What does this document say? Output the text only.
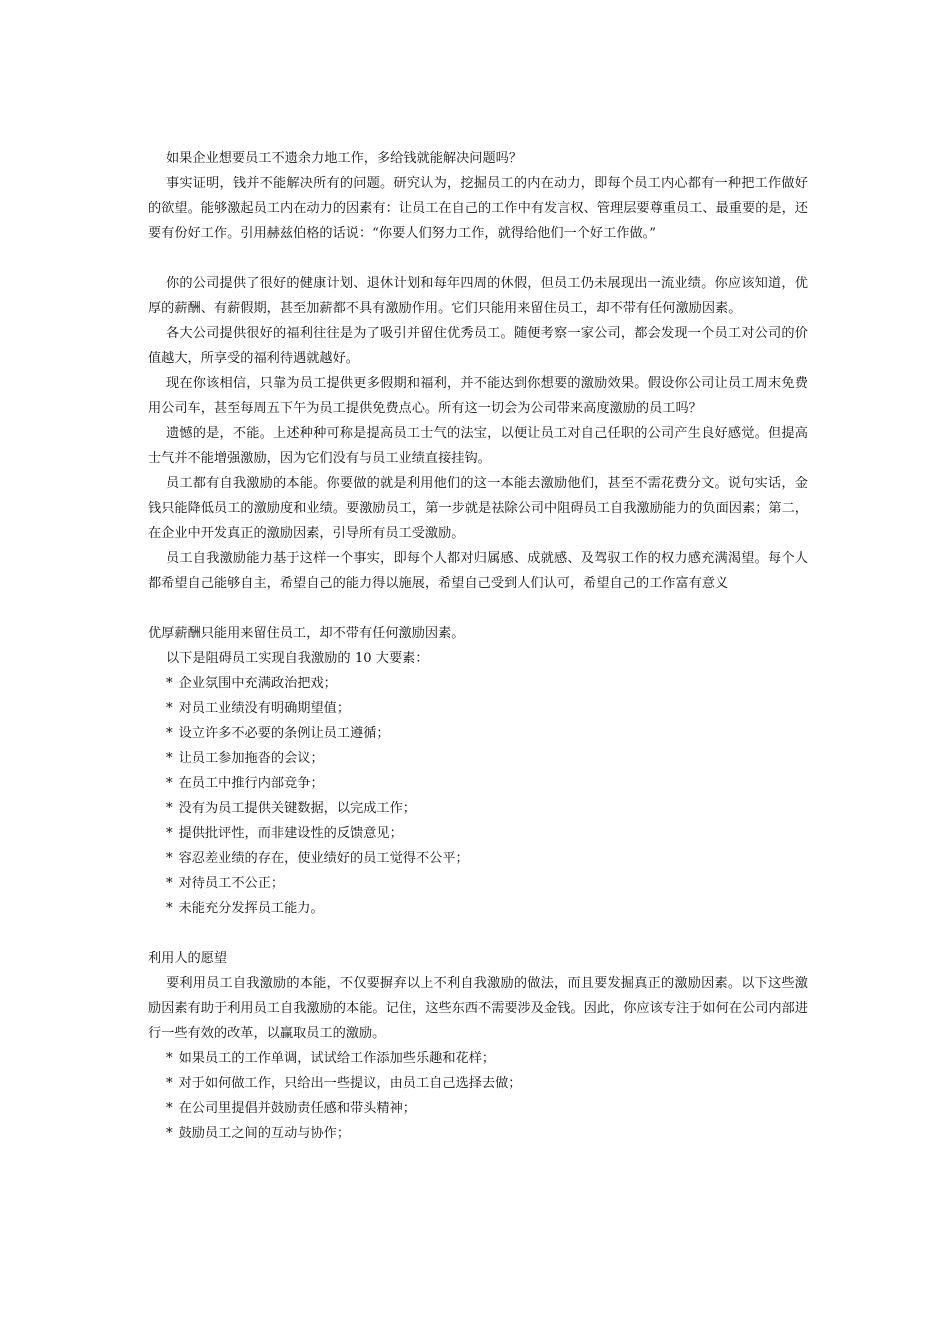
如果企业想要员工不遗余力地工作，多给钱就能解决问题吗？

事实证明，钱并不能解决所有的问题。研究认为，挖掘员工的内在动力，即每个员工内心都有一种把工作做好的欲望。能够激起员工内在动力的因素有：让员工在自己的工作中有发言权、管理层要尊重员工、最重要的是，还要有份好工作。引用赫兹伯格的话说：“你要人们努力工作，就得给他们一个好工作做。”

你的公司提供了很好的健康计划、退休计划和每年四周的休假，但员工仍未展现出一流业绩。你应该知道，优厚的薪酬、有薪假期，甚至加薪都不具有激励作用。它们只能用来留住员工，却不带有任何激励因素。

各大公司提供很好的福利往往是为了吸引并留住优秀员工。随便考察一家公司，都会发现一个员工对公司的价值越大，所享受的福利待遇就越好。

现在你该相信，只靠为员工提供更多假期和福利，并不能达到你想要的激励效果。假设你公司让员工周末免费用公司车，甚至每周五下午为员工提供免费点心。所有这一切会为公司带来高度激励的员工吗？

遗憾的是，不能。上述种种可称是提高员工士气的法宝，以便让员工对自己任职的公司产生良好感觉。但提高士气并不能增强激励，因为它们没有与员工业绩直接挂钩。

员工都有自我激励的本能。你要做的就是利用他们的这一本能去激励他们，甚至不需花费分文。说句实话，金钱只能降低员工的激励度和业绩。要激励员工，第一步就是祛除公司中阻碍员工自我激励能力的负面因素；第二，在企业中开发真正的激励因素，引导所有员工受激励。

员工自我激励能力基于这样一个事实，即每个人都对归属感、成就感、及驾驭工作的权力感充满渴望。每个人都希望自己能够自主，希望自己的能力得以施展，希望自己受到人们认可，希望自己的工作富有意义

优厚薪酬只能用来留住员工，却不带有任何激励因素。

以下是阻碍员工实现自我激励的 10 大要素：

* 企业氛围中充满政治把戏；

* 对员工业绩没有明确期望值；

* 设立许多不必要的条例让员工遵循；

* 让员工参加拖沓的会议；

* 在员工中推行内部竞争；

* 没有为员工提供关键数据，以完成工作；

* 提供批评性，而非建设性的反馈意见；

* 容忍差业绩的存在，使业绩好的员工觉得不公平；

* 对待员工不公正；

* 未能充分发挥员工能力。

利用人的愿望

要利用员工自我激励的本能，不仅要摒弃以上不利自我激励的做法，而且要发掘真正的激励因素。以下这些激励因素有助于利用员工自我激励的本能。记住，这些东西不需要涉及金钱。因此，你应该专注于如何在公司内部进行一些有效的改革，以赢取员工的激励。

* 如果员工的工作单调，试试给工作添加些乐趣和花样；

* 对于如何做工作，只给出一些提议，由员工自己选择去做；

* 在公司里提倡并鼓励责任感和带头精神；

* 鼓励员工之间的互动与协作；
